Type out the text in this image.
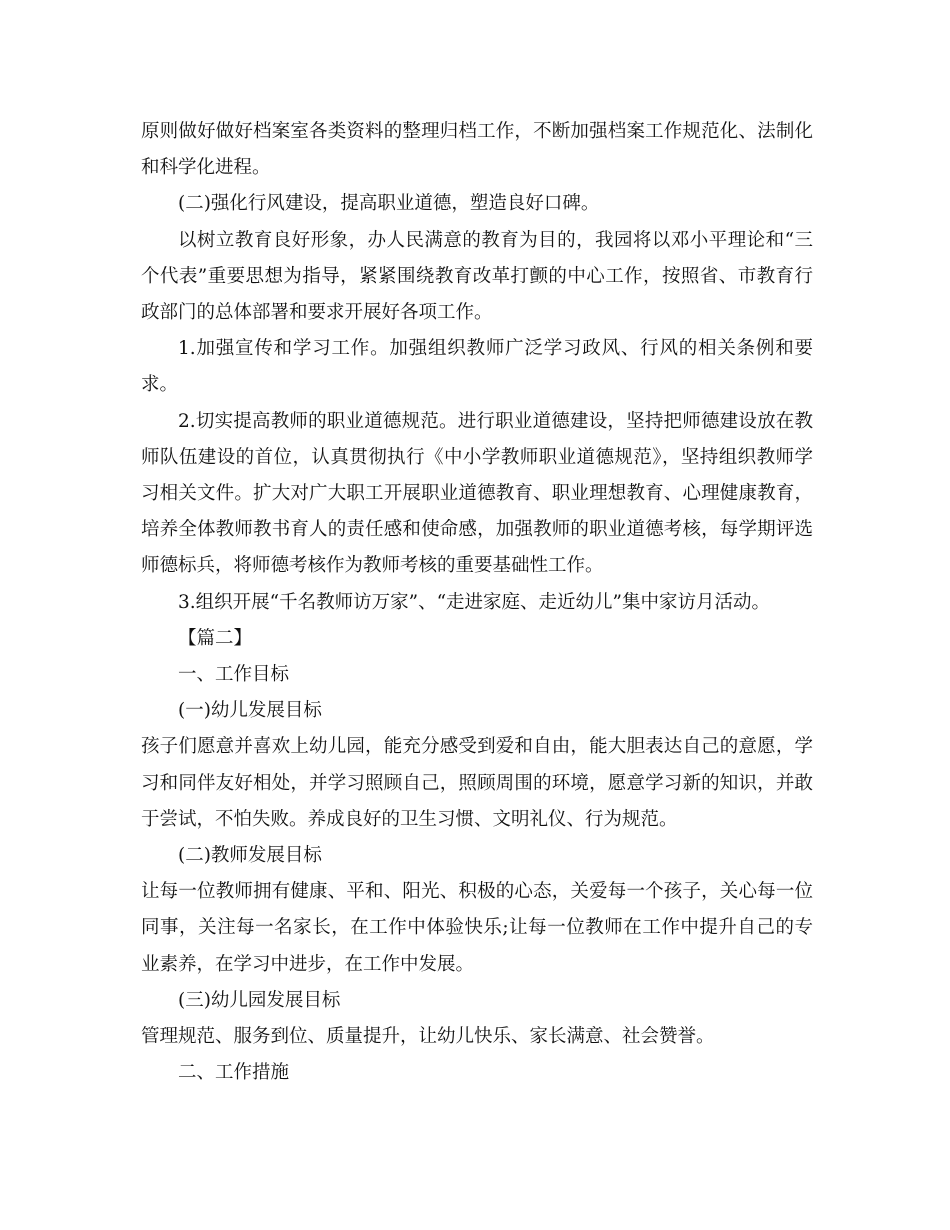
原则做好做好档案室各类资料的整理归档工作，不断加强档案工作规范化、法制化和科学化进程。

(二)强化行风建设，提高职业道德，塑造良好口碑。

以树立教育良好形象，办人民满意的教育为目的，我园将以邓小平理论和“三个代表”重要思想为指导，紧紧围绕教育改革打颤的中心工作，按照省、市教育行政部门的总体部署和要求开展好各项工作。

1.加强宣传和学习工作。加强组织教师广泛学习政风、行风的相关条例和要求。

2.切实提高教师的职业道德规范。进行职业道德建设，坚持把师德建设放在教师队伍建设的首位，认真贯彻执行《中小学教师职业道德规范》，坚持组织教师学习相关文件。扩大对广大职工开展职业道德教育、职业理想教育、心理健康教育，培养全体教师教书育人的责任感和使命感，加强教师的职业道德考核，每学期评选师德标兵，将师德考核作为教师考核的重要基础性工作。

3.组织开展“千名教师访万家”、“走进家庭、走近幼儿”集中家访月活动。

【篇二】

一、工作目标

(一)幼儿发展目标

孩子们愿意并喜欢上幼儿园，能充分感受到爱和自由，能大胆表达自己的意愿，学习和同伴友好相处，并学习照顾自己，照顾周围的环境，愿意学习新的知识，并敢于尝试，不怕失败。养成良好的卫生习惯、文明礼仪、行为规范。

(二)教师发展目标

让每一位教师拥有健康、平和、阳光、积极的心态，关爱每一个孩子，关心每一位同事，关注每一名家长，在工作中体验快乐;让每一位教师在工作中提升自己的专业素养，在学习中进步，在工作中发展。

(三)幼儿园发展目标

管理规范、服务到位、质量提升，让幼儿快乐、家长满意、社会赞誉。

二、工作措施
